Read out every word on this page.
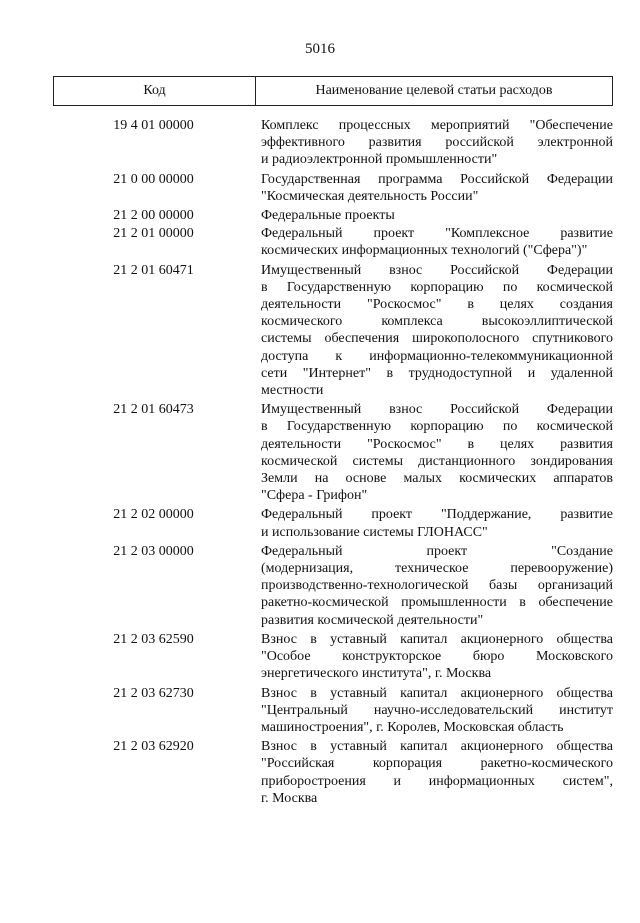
5016
Код	Наименование целевой статьи расходов
19 4 01 00000	Комплекс процессных мероприятий "Обеспечение
эффективного развития российской электронной
и радиоэлектронной промышленности"
21 0 00 00000	Государственная программа Российской Федерации
"Космическая деятельность России"
21 2 00 00000	Федеральные проекты
21 2 01 00000	Федеральный проект "Комплексное развитие
космических информационных технологий ("Сфера")"
21 2 01 60471	Имущественный взнос Российской Федерации
в Государственную корпорацию по космической
деятельности "Роскосмос" в целях создания
космического комплекса высокоэллиптической
системы обеспечения широкополосного спутникового
доступа к информационно-телекоммуникационной
сети "Интернет" в труднодоступной и удаленной
местности
21 2 01 60473	Имущественный взнос Российской Федерации
в Государственную корпорацию по космической
деятельности "Роскосмос" в целях развития
космической системы дистанционного зондирования
Земли на основе малых космических аппаратов
"Сфера - Грифон"
21 2 02 00000	Федеральный проект "Поддержание, развитие
и использование системы ГЛОНАСС"
21 2 03 00000	Федеральный проект "Создание
(модернизация, техническое перевооружение)
производственно-технологической базы организаций
ракетно-космической промышленности в обеспечение
развития космической деятельности"
21 2 03 62590	Взнос в уставный капитал акционерного общества
"Особое конструкторское бюро Московского
энергетического института", г. Москва
21 2 03 62730	Взнос в уставный капитал акционерного общества
"Центральный научно-исследовательский институт
машиностроения", г. Королев, Московская область
21 2 03 62920	Взнос в уставный капитал акционерного общества
"Российская корпорация ракетно-космического
приборостроения и информационных систем",
г. Москва
